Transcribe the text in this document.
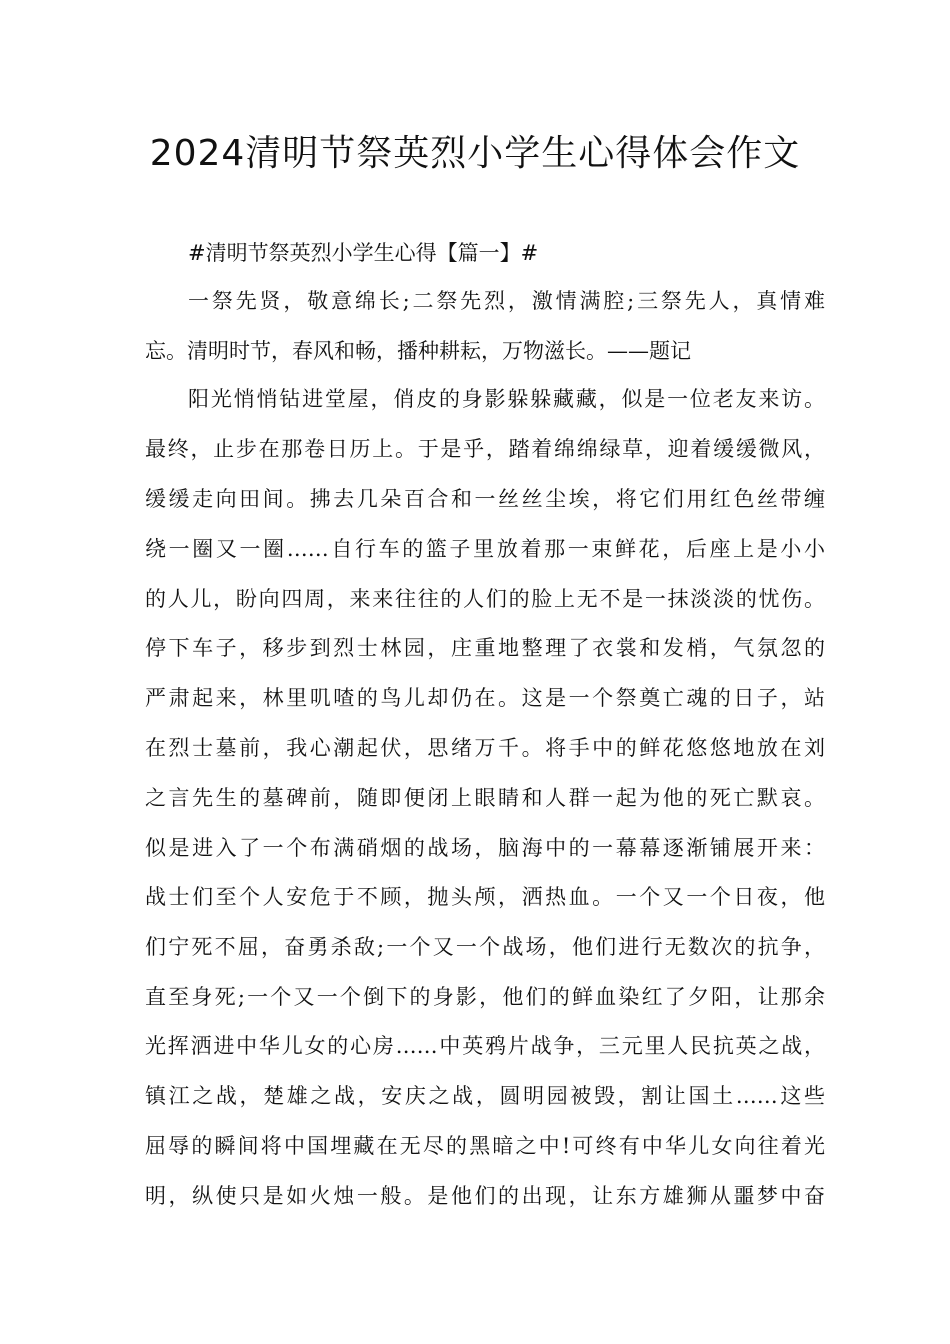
2024清明节祭英烈小学生心得体会作文
#清明节祭英烈小学生心得【篇一】#
一祭先贤，敬意绵长;二祭先烈，激情满腔;三祭先人，真情难
忘。清明时节，春风和畅，播种耕耘，万物滋长。——题记
阳光悄悄钻进堂屋，俏皮的身影躲躲藏藏，似是一位老友来访。
最终，止步在那卷日历上。于是乎，踏着绵绵绿草，迎着缓缓微风，
缓缓走向田间。拂去几朵百合和一丝丝尘埃，将它们用红色丝带缠
绕一圈又一圈……自行车的篮子里放着那一束鲜花，后座上是小小
的人儿，盼向四周，来来往往的人们的脸上无不是一抹淡淡的忧伤。
停下车子，移步到烈士林园，庄重地整理了衣裳和发梢，气氛忽的
严肃起来，林里叽喳的鸟儿却仍在。这是一个祭奠亡魂的日子，站
在烈士墓前，我心潮起伏，思绪万千。将手中的鲜花悠悠地放在刘
之言先生的墓碑前，随即便闭上眼睛和人群一起为他的死亡默哀。
似是进入了一个布满硝烟的战场，脑海中的一幕幕逐渐铺展开来：
战士们至个人安危于不顾，抛头颅，洒热血。一个又一个日夜，他
们宁死不屈，奋勇杀敌;一个又一个战场，他们进行无数次的抗争，
直至身死;一个又一个倒下的身影，他们的鲜血染红了夕阳，让那余
光挥洒进中华儿女的心房……中英鸦片战争，三元里人民抗英之战，
镇江之战，楚雄之战，安庆之战，圆明园被毁，割让国土……这些
屈辱的瞬间将中国埋藏在无尽的黑暗之中!可终有中华儿女向往着光
明，纵使只是如火烛一般。是他们的出现，让东方雄狮从噩梦中奋
